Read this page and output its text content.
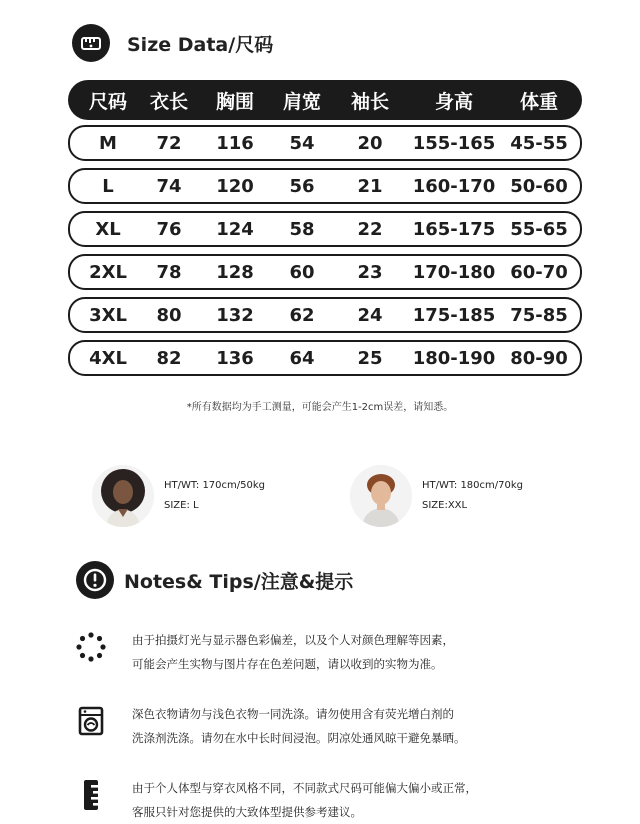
Size Data/尺码
尺码 衣长 胸围 肩宽 袖长 身高 体重
M 72 116 54 20 155-165 45-55
L 74 120 56 21 160-170 50-60
XL 76 124 58 22 165-175 55-65
2XL 78 128 60 23 170-180 60-70
3XL 80 132 62 24 175-185 75-85
4XL 82 136 64 25 180-190 80-90
*所有数据均为手工测量，可能会产生1-2cm误差，请知悉。
HT/WT: 170cm/50kg
SIZE: L
HT/WT: 180cm/70kg
SIZE:XXL
Notes& Tips/注意&提示
由于拍摄灯光与显示器色彩偏差，以及个人对颜色理解等因素，
可能会产生实物与图片存在色差问题，请以收到的实物为准。
深色衣物请勿与浅色衣物一同洗涤。请勿使用含有荧光增白剂的
洗涤剂洗涤。请勿在水中长时间浸泡。阴凉处通风晾干避免暴晒。
由于个人体型与穿衣风格不同，不同款式尺码可能偏大偏小或正常，
客服只针对您提供的大致体型提供参考建议。
